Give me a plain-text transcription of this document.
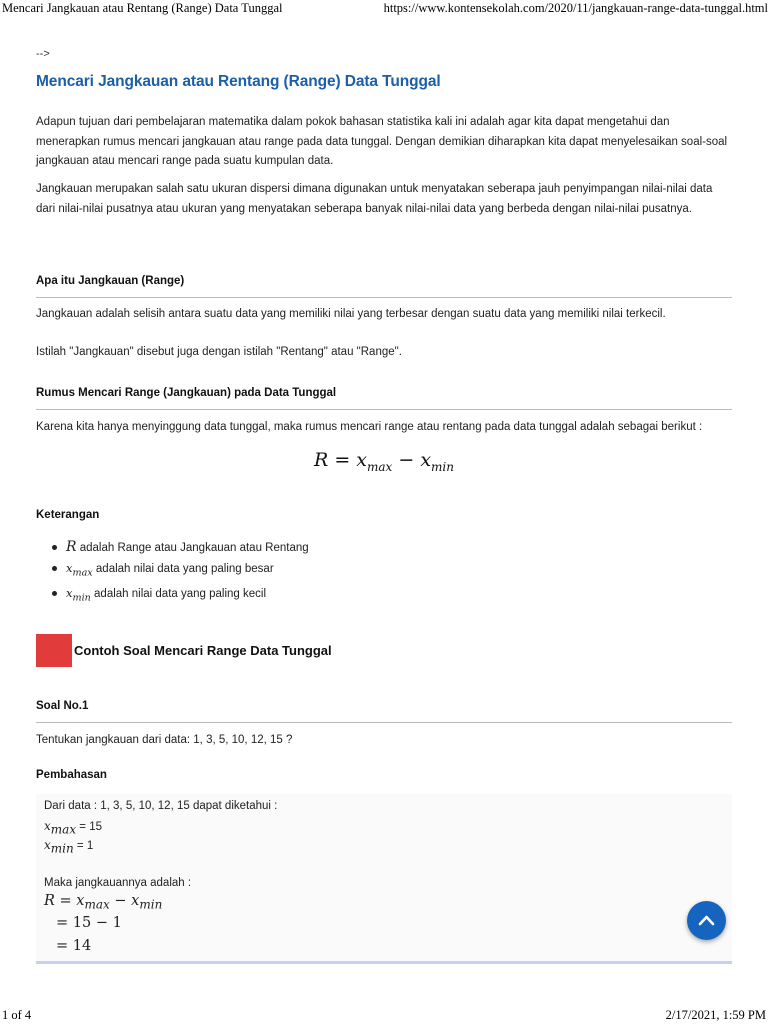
Mencari Jangkauan atau Rentang (Range) Data Tunggal	https://www.kontensekolah.com/2020/11/jangkauan-range-data-tunggal.html
-->
Mencari Jangkauan atau Rentang (Range) Data Tunggal

Adapun tujuan dari pembelajaran matematika dalam pokok bahasan statistika kali ini adalah agar kita dapat mengetahui dan menerapkan rumus mencari jangkauan atau range pada data tunggal. Dengan demikian diharapkan kita dapat menyelesaikan soal-soal jangkauan atau mencari range pada suatu kumpulan data.

Jangkauan merupakan salah satu ukuran dispersi dimana digunakan untuk menyatakan seberapa jauh penyimpangan nilai-nilai data dari nilai-nilai pusatnya atau ukuran yang menyatakan seberapa banyak nilai-nilai data yang berbeda dengan nilai-nilai pusatnya.

Apa itu Jangkauan (Range)

Jangkauan adalah selisih antara suatu data yang memiliki nilai yang terbesar dengan suatu data yang memiliki nilai terkecil.

Istilah "Jangkauan" disebut juga dengan istilah "Rentang" atau "Range".

Rumus Mencari Range (Jangkauan) pada Data Tunggal

Karena kita hanya menyinggung data tunggal, maka rumus mencari range atau rentang pada data tunggal adalah sebagai berikut :

$R = x_{max} - x_{min}$
Keterangan
R adalah Range atau Jangkauan atau Rentang
$x_{max}$ adalah nilai data yang paling besar
$x_{min}$ adalah nilai data yang paling kecil
Contoh Soal Mencari Range Data Tunggal
Soal No.1

Tentukan jangkauan dari data: 1, 3, 5, 10, 12, 15 ?

Pembahasan
Dari data : 1, 3, 5, 10, 12, 15 dapat diketahui :
$x_{max} = 15$
$x_{min} = 1$
Maka jangkauannya adalah :
$R = x_{max} - x_{min}$
= 15 − 1
= 14
1 of 4	2/17/2021, 1:59 PM
